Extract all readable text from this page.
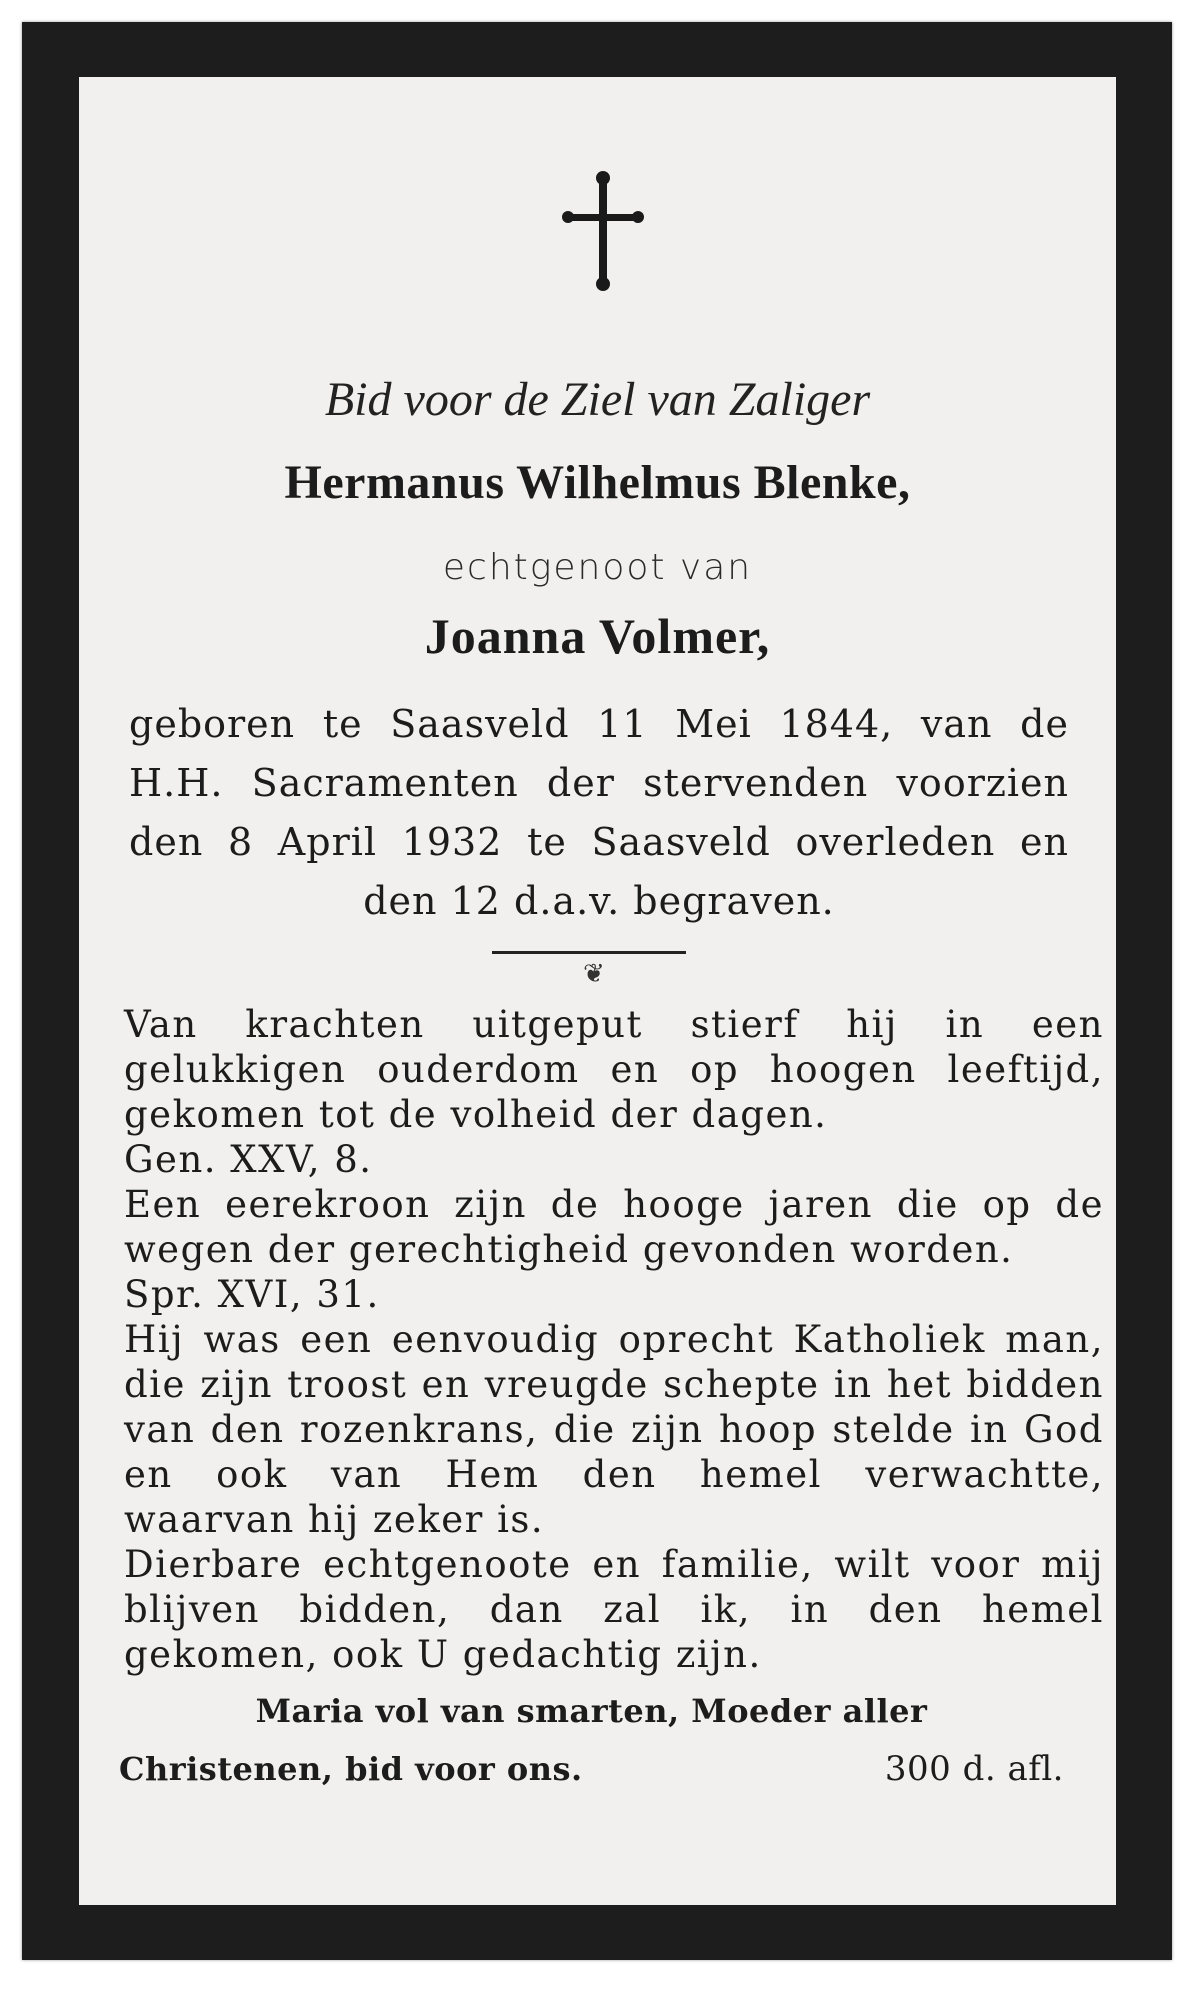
Bid voor de Ziel van Zaliger
Hermanus Wilhelmus Blenke,
echtgenoot van
Joanna Volmer,
geboren te Saasveld 11 Mei 1844, van de H.H. Sacramenten der stervenden voorzien den 8 April 1932 te Saasveld overleden en den 12 d.a.v. begraven.
❦

Van krachten uitgeput stierf hij in een gelukkigen ouderdom en op hoogen leeftijd, gekomen tot de volheid der dagen.

Gen. XXV, 8.

Een eerekroon zijn de hooge jaren die op de wegen der gerechtigheid gevonden worden.

Spr. XVI, 31.

Hij was een eenvoudig oprecht Katholiek man, die zijn troost en vreugde schepte in het bidden van den rozenkrans, die zijn hoop stelde in God en ook van Hem den hemel verwachtte, waarvan hij zeker is.

Dierbare echtgenoote en familie, wilt voor mij blijven bidden, dan zal ik, in den hemel gekomen, ook U gedachtig zijn.

Maria vol van smarten, Moeder aller
Christenen, bid voor ons.	300 d. afl.
